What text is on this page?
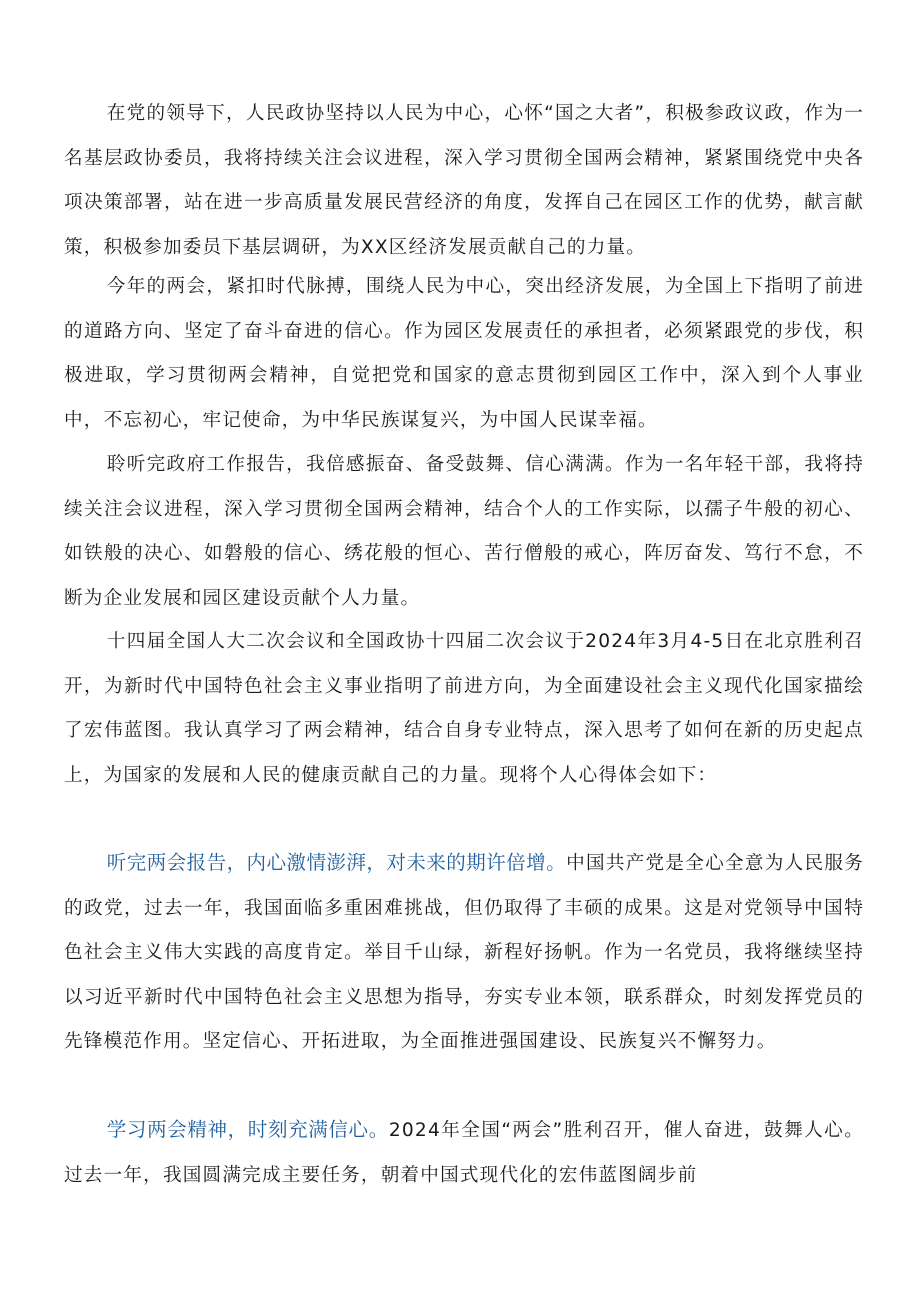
在党的领导下，人民政协坚持以人民为中心，心怀“国之大者”，积极参政议政，作为一名基层政协委员，我将持续关注会议进程，深入学习贯彻全国两会精神，紧紧围绕党中央各项决策部署，站在进一步高质量发展民营经济的角度，发挥自己在园区工作的优势，献言献策，积极参加委员下基层调研，为XX区经济发展贡献自己的力量。

今年的两会，紧扣时代脉搏，围绕人民为中心，突出经济发展，为全国上下指明了前进的道路方向、坚定了奋斗奋进的信心。作为园区发展责任的承担者，必须紧跟党的步伐，积极进取，学习贯彻两会精神，自觉把党和国家的意志贯彻到园区工作中，深入到个人事业中，不忘初心，牢记使命，为中华民族谋复兴，为中国人民谋幸福。

聆听完政府工作报告，我倍感振奋、备受鼓舞、信心满满。作为一名年轻干部，我将持续关注会议进程，深入学习贯彻全国两会精神，结合个人的工作实际，以孺子牛般的初心、如铁般的决心、如磐般的信心、绣花般的恒心、苦行僧般的戒心，阵厉奋发、笃行不怠，不断为企业发展和园区建设贡献个人力量。

十四届全国人大二次会议和全国政协十四届二次会议于2024年3月4-5日在北京胜利召开，为新时代中国特色社会主义事业指明了前进方向，为全面建设社会主义现代化国家描绘了宏伟蓝图。我认真学习了两会精神，结合自身专业特点，深入思考了如何在新的历史起点上，为国家的发展和人民的健康贡献自己的力量。现将个人心得体会如下：

听完两会报告，内心激情澎湃，对未来的期许倍增。中国共产党是全心全意为人民服务的政党，过去一年，我国面临多重困难挑战，但仍取得了丰硕的成果。这是对党领导中国特色社会主义伟大实践的高度肯定。举目千山绿，新程好扬帆。作为一名党员，我将继续坚持以习近平新时代中国特色社会主义思想为指导，夯实专业本领，联系群众，时刻发挥党员的先锋模范作用。坚定信心、开拓进取，为全面推进强国建设、民族复兴不懈努力。

学习两会精神，时刻充满信心。2024年全国“两会”胜利召开，催人奋进，鼓舞人心。过去一年，我国圆满完成主要任务，朝着中国式现代化的宏伟蓝图阔步前
